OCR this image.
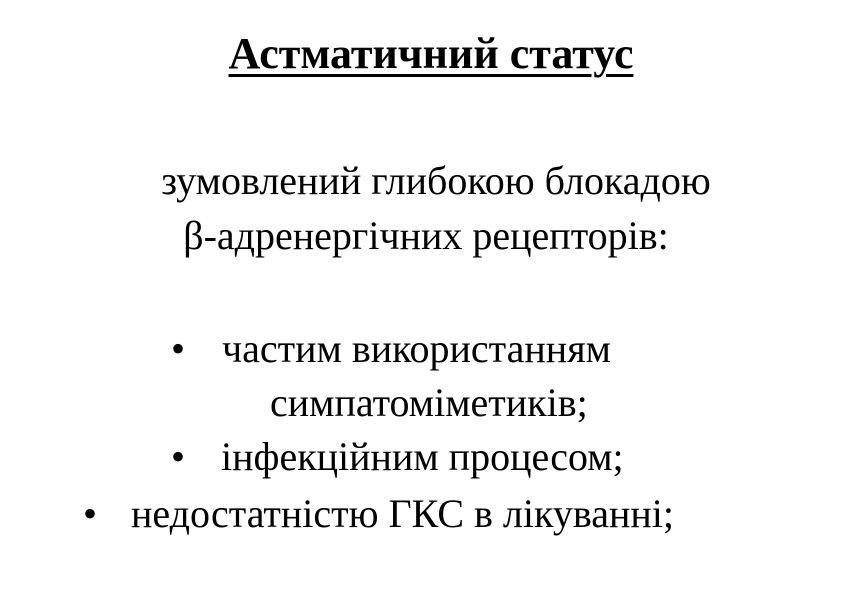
Астматичний статус
зумовлений глибокою блокадою
β-адренергічних рецепторів:
• частим використанням
симпатоміметиків;
• інфекційним процесом;
• недостатністю ГКС в лікуванні;
